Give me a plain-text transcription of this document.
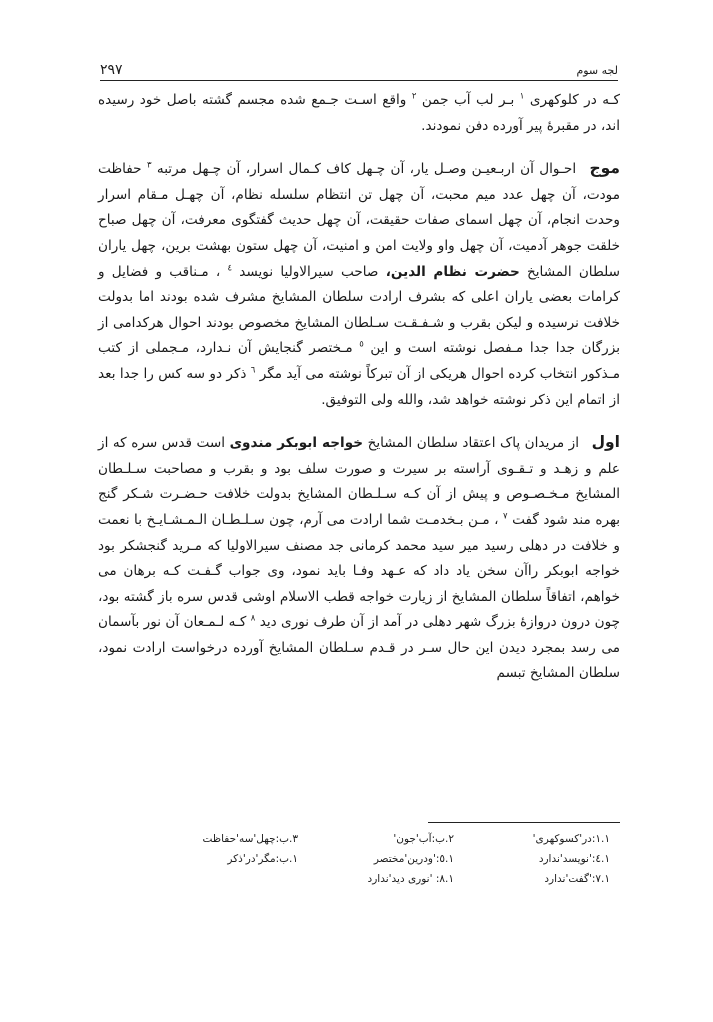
۲۹۷	لجه سوم

کـه در کلوکهری $^۱$ بـر لب آب جمن $^۲$ واقع اسـت جـمع شده مجسم گشته باصل خود رسیده اند، در مقبرۀ پیر آورده دفن نمودند.

موج احـوال آن اربـعیـن وصـل یار، آن چـهل کاف کـمال اسرار، آن چـهل مرتبه $^۳$ حفاظت مودت، آن چهل عدد میم محبت، آن چهل تن انتظام سلسله نظام، آن چهـل مـقام اسرار وحدت انجام، آن چهل اسمای صفات حقیقت، آن چهل حدیث گفتگوی معرفت، آن چهل صباح خلقت جوهر آدمیت، آن چهل واو ولایت امن و امنیت، آن چهل ستون بهشت برین، چهل یاران سلطان المشایخ حضرت نظام الدین، صاحب سیرالاولیا نویسد $^٤$ ، مـناقب و فضایل و کرامات بعضی یاران اعلی که بشرف ارادت سلطان المشایخ مشرف شده بودند اما بدولت خلافت نرسیده و لیکن بقرب و شـفـقـت سـلطان المشایخ مخصوص بودند احوال هرکدامی از بزرگان جدا جدا مـفصل نوشته است و این $^٥$ مـختصر گنجایش آن نـدارد، مـجملی از کتب مـذکور انتخاب کرده احوال هریکی از آن تبرکاً نوشته می آید مگر $^٦$ ذکر دو سه کس را جدا بعد از اتمام این ذکر نوشته خواهد شد، والله ولی التوفیق.

اول از مریدان پاک اعتقاد سلطان المشایخ خواجه ابوبکر مندوی است قدس سره که از علم و زهـد و تـقـوی آراسته بر سیرت و صورت سلف بود و بقرب و مصاحبت سـلـطان المشایخ مـخـصـوص و پیش از آن کـه سـلـطان المشایخ بدولت خلافت حـضـرت شـکر گنج بهره مند شود گفت $^٧$ ، مـن بـخدمـت شما ارادت می آرم، چون سـلـطـان الـمـشـایـخ با نعمت و خلافت در دهلی رسید میر سید محمد کرمانی جد مصنف سیرالاولیا که مـرید گنجشکر بود خواجه ابوبکر راآن سخن یاد داد که عـهد وفـا باید نمود، وی جواب گـفـت کـه برهان می خواهم، اتفاقاً سلطان المشایخ از زیارت خواجه قطب الاسلام اوشی قدس سره باز گشته بود، چون درون دروازۀ بزرگ شهر دهلی در آمد از آن طرف نوری دید $^٨$ کـه لـمـعان آن نور بآسمان می رسد بمجرد دیدن این حال سـر در قـدم سـلطان المشایخ آورده درخواست ارادت نمود، سلطان المشایخ تبسم

۱.۱:در'کسوکهری'
۲.ب:آب'جون'
۳.ب:چهل'سه'حفاظت
۱.٤:'نویسد'ندارد
۱.٥:'ودرین'مختصر
۱.ب:مگر'در'ذکر
۱.٧:'گفت'ندارد
۱.٨: 'نوری دید'ندارد
